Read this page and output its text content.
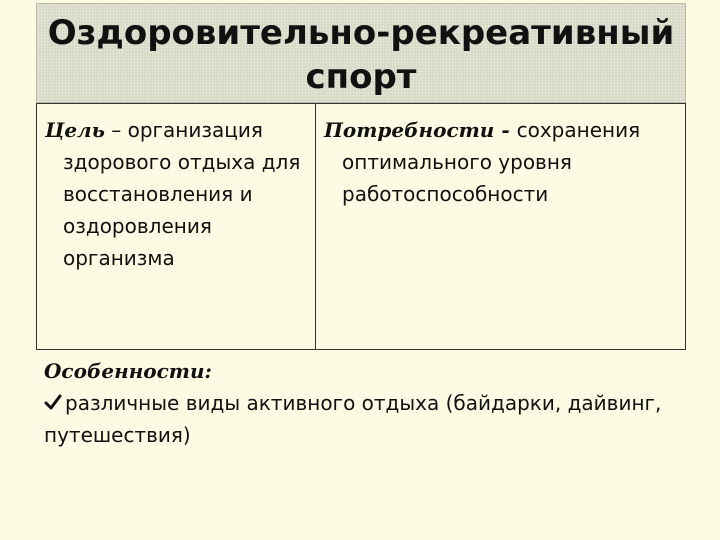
Оздоровительно-рекреативный
спорт

Цель – организация здорового отдыха для восстановления и оздоровления организма

Потребности - сохранения оптимального уровня работоспособности

Особенности:

различные виды активного отдыха (байдарки, дайвинг, путешествия)
